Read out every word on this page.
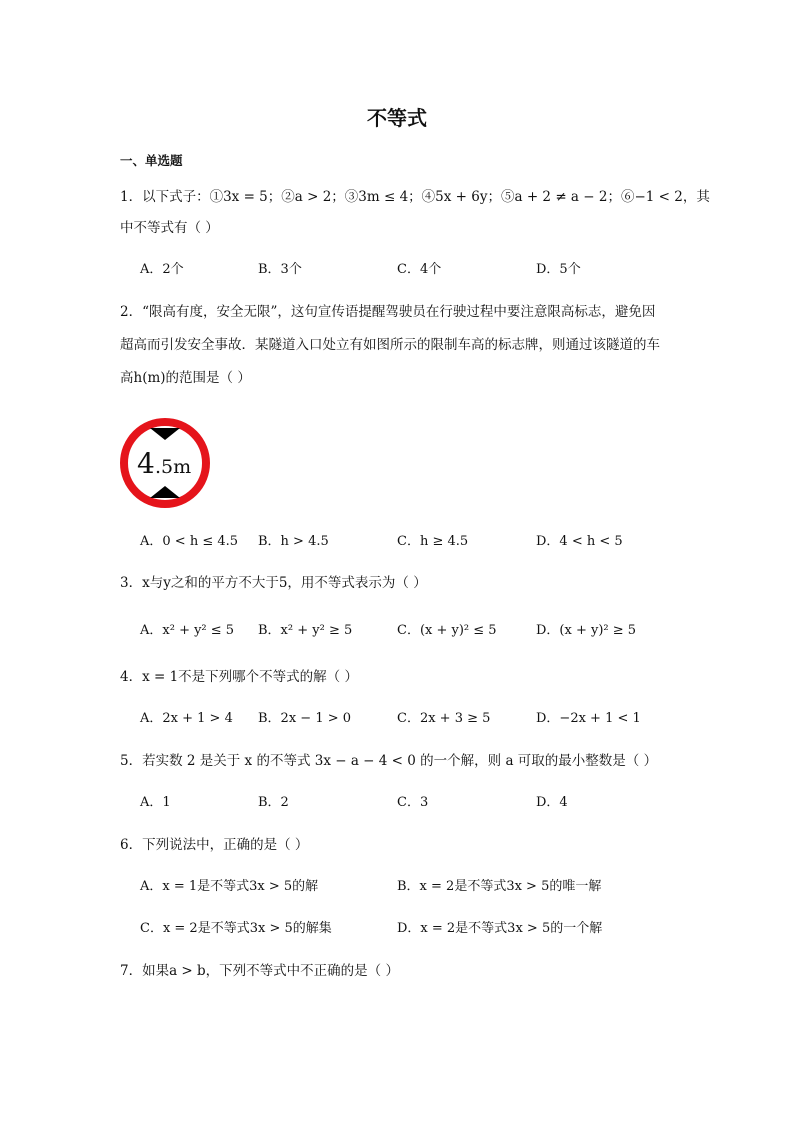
不等式
一、单选题
1．以下式子：①3x = 5；②a > 2；③3m ≤ 4；④5x + 6y；⑤a + 2 ≠ a − 2；⑥−1 < 2，其
中不等式有（ ）
A．2个	B．3个	C．4个	D．5个
2．“限高有度，安全无限”，这句宣传语提醒驾驶员在行驶过程中要注意限高标志，避免因
超高而引发安全事故．某隧道入口处立有如图所示的限制车高的标志牌，则通过该隧道的车
高h(m)的范围是（ ）
4 .5m
A．0 < h ≤ 4.5 B．h > 4.5	C．h ≥ 4.5	D．4 < h < 5
3．x与y之和的平方不大于5，用不等式表示为（ ）
A．x² + y² ≤ 5 B．x² + y² ≥ 5	C．(x + y)² ≤ 5	D．(x + y)² ≥ 5
4．x = 1不是下列哪个不等式的解（ ）
A．2x + 1 > 4 B．2x − 1 > 0	C．2x + 3 ≥ 5	D．−2x + 1 < 1
5．若实数 2 是关于 x 的不等式 3x − a − 4 < 0 的一个解，则 a 可取的最小整数是（ ）
A．1	B．2	C．3	D．4
6．下列说法中，正确的是（ ）
A．x = 1是不等式3x > 5的解	B．x = 2是不等式3x > 5的唯一解
C．x = 2是不等式3x > 5的解集	D．x = 2是不等式3x > 5的一个解
7．如果a > b，下列不等式中不正确的是（ ）
